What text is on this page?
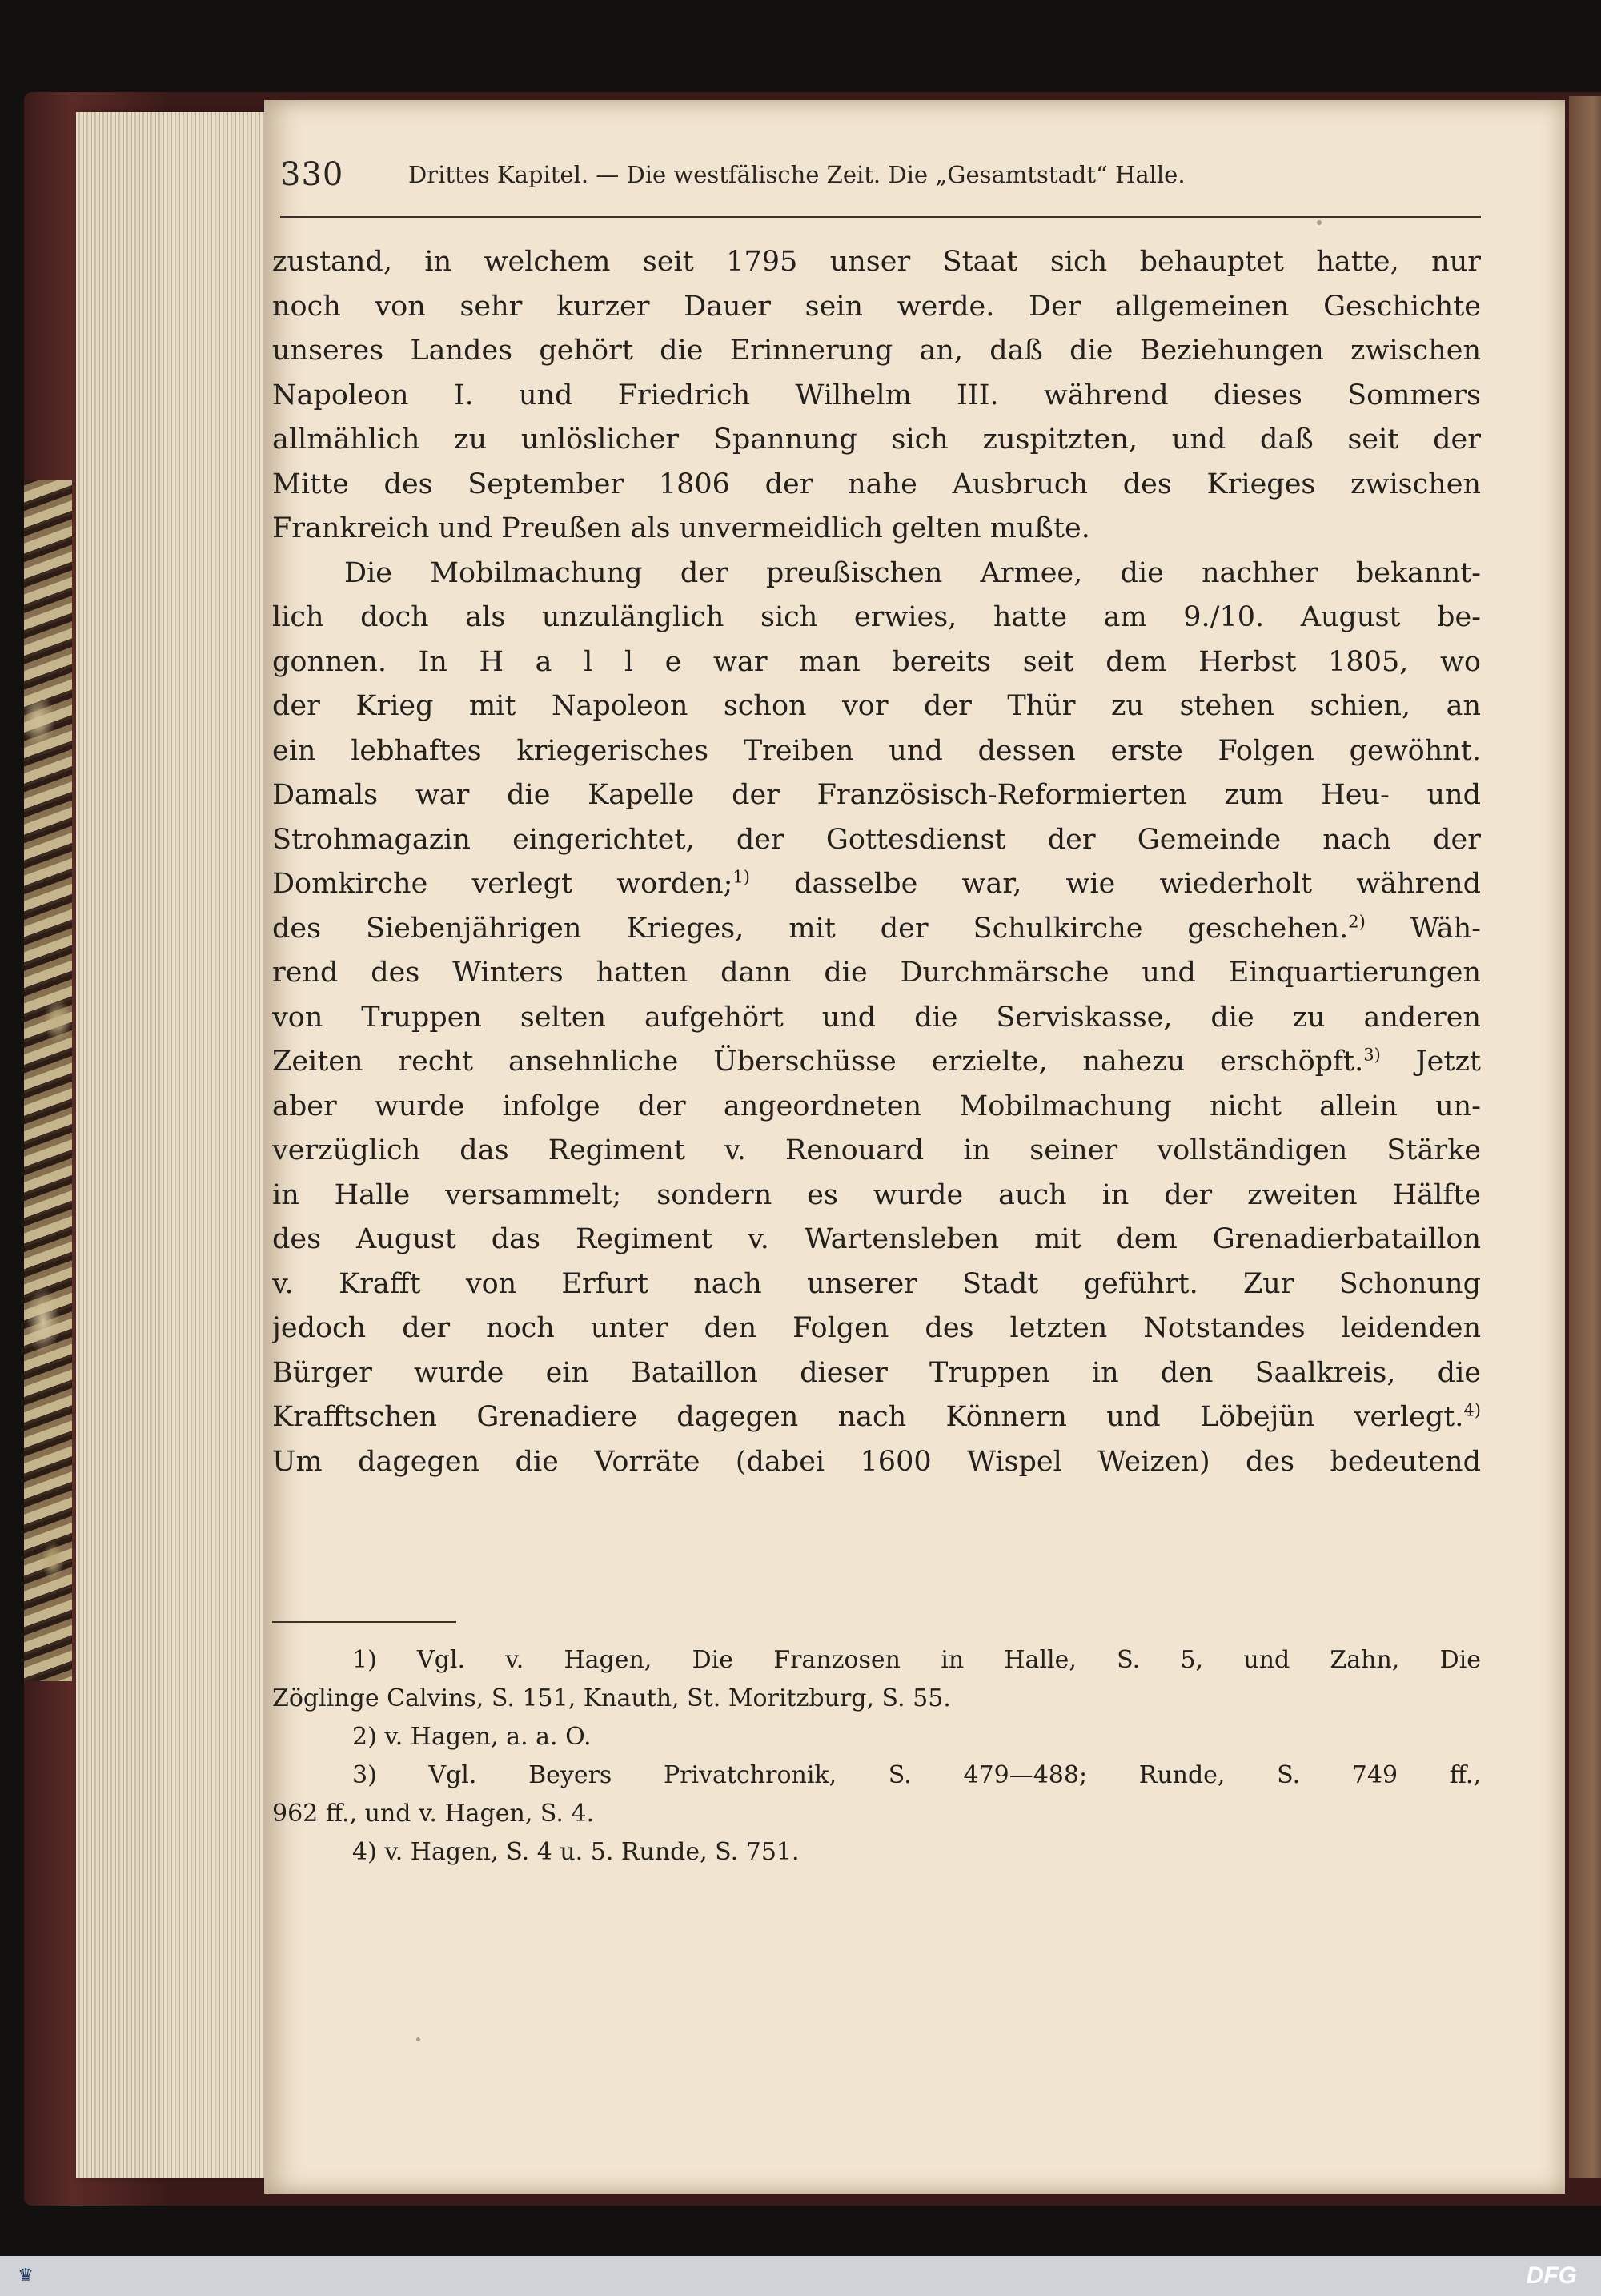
330	Drittes Kapitel. — Die westfälische Zeit. Die „Gesamtstadt“ Halle.
zustand, in welchem seit 1795 unser Staat sich behauptet hatte, nur
noch von sehr kurzer Dauer sein werde. Der allgemeinen Geschichte
unseres Landes gehört die Erinnerung an, daß die Beziehungen zwischen
Napoleon I. und Friedrich Wilhelm III. während dieses Sommers
allmählich zu unlöslicher Spannung sich zuspitzten, und daß seit der
Mitte des September 1806 der nahe Ausbruch des Krieges zwischen
Frankreich und Preußen als unvermeidlich gelten mußte.
Die Mobilmachung der preußischen Armee, die nachher bekannt-
lich doch als unzulänglich sich erwies, hatte am 9./10. August be-
gonnen. In H a l l e war man bereits seit dem Herbst 1805, wo
der Krieg mit Napoleon schon vor der Thür zu stehen schien, an
ein lebhaftes kriegerisches Treiben und dessen erste Folgen gewöhnt.
Damals war die Kapelle der Französisch-Reformierten zum Heu- und
Strohmagazin eingerichtet, der Gottesdienst der Gemeinde nach der
Domkirche verlegt worden;$^{1)}$ dasselbe war, wie wiederholt während
des Siebenjährigen Krieges, mit der Schulkirche geschehen.$^{2)}$ Wäh-
rend des Winters hatten dann die Durchmärsche und Einquartierungen
von Truppen selten aufgehört und die Serviskasse, die zu anderen
Zeiten recht ansehnliche Überschüsse erzielte, nahezu erschöpft.$^{3)}$ Jetzt
aber wurde infolge der angeordneten Mobilmachung nicht allein un-
verzüglich das Regiment v. Renouard in seiner vollständigen Stärke
in Halle versammelt; sondern es wurde auch in der zweiten Hälfte
des August das Regiment v. Wartensleben mit dem Grenadierbataillon
v. Krafft von Erfurt nach unserer Stadt geführt. Zur Schonung
jedoch der noch unter den Folgen des letzten Notstandes leidenden
Bürger wurde ein Bataillon dieser Truppen in den Saalkreis, die
Krafftschen Grenadiere dagegen nach Könnern und Löbejün verlegt.$^{4)}$
Um dagegen die Vorräte (dabei 1600 Wispel Weizen) des bedeutend
1) Vgl. v. Hagen, Die Franzosen in Halle, S. 5, und Zahn, Die
Zöglinge Calvins, S. 151, Knauth, St. Moritzburg, S. 55.
2) v. Hagen, a. a. O.
3) Vgl. Beyers Privatchronik, S. 479—488; Runde, S. 749 ff.,
962 ff., und v. Hagen, S. 4.
4) v. Hagen, S. 4 u. 5. Runde, S. 751.
♛	DFG
